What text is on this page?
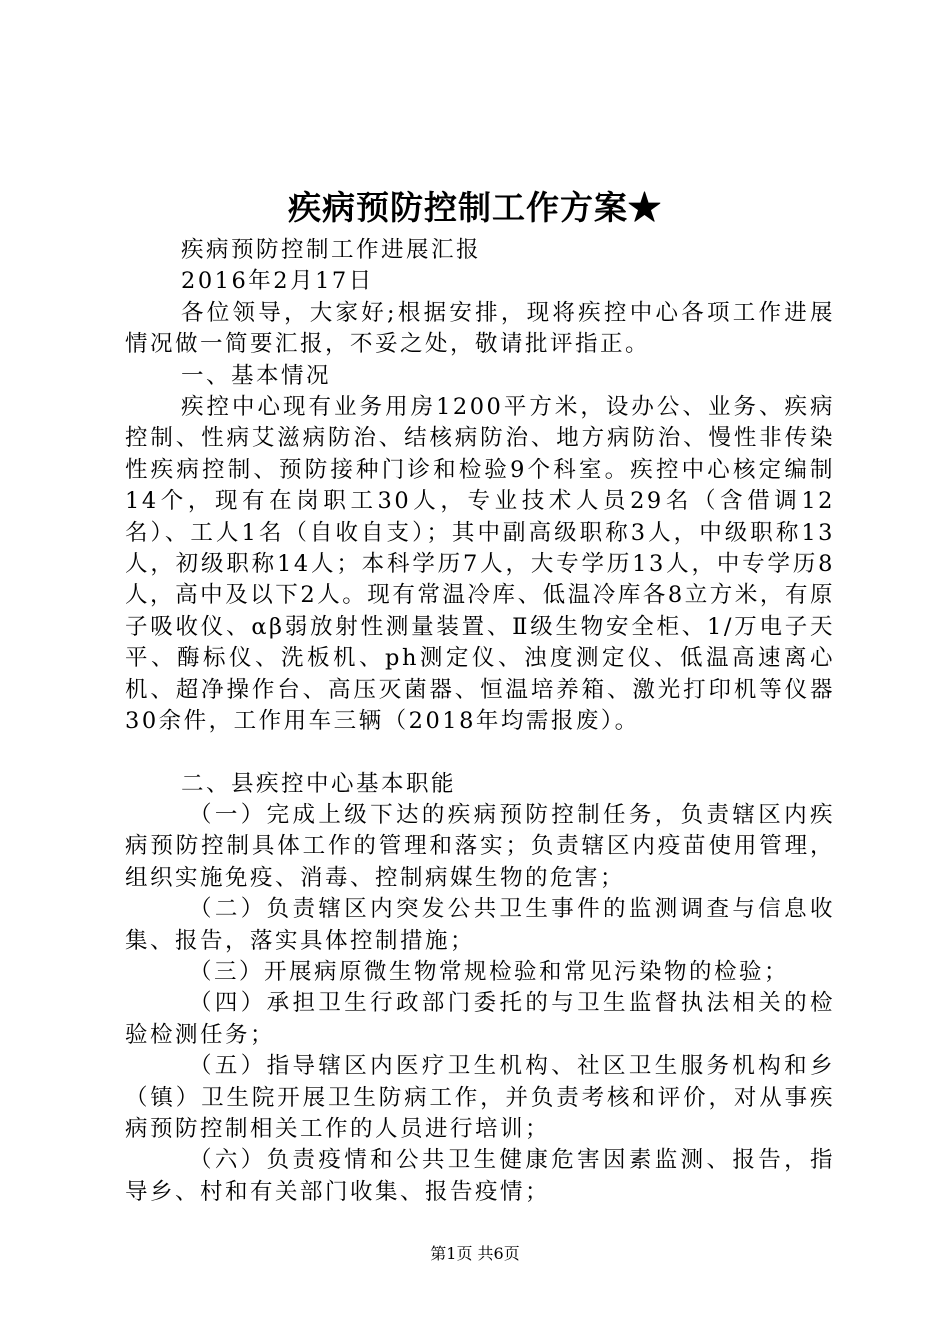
疾病预防控制工作方案★

疾病预防控制工作进展汇报

2016年2月17日

各位领导，大家好;根据安排，现将疾控中心各项工作进展情况做一简要汇报，不妥之处，敬请批评指正。

一、基本情况

疾控中心现有业务用房1200平方米，设办公、业务、疾病控制、性病艾滋病防治、结核病防治、地方病防治、慢性非传染性疾病控制、预防接种门诊和检验9个科室。疾控中心核定编制14个，现有在岗职工30人，专业技术人员29名（含借调12名）、工人1名（自收自支）；其中副高级职称3人，中级职称13人，初级职称14人；本科学历7人，大专学历13人，中专学历8人，高中及以下2人。现有常温冷库、低温冷库各8立方米，有原子吸收仪、αβ弱放射性测量装置、Ⅱ级生物安全柜、1/万电子天平、酶标仪、洗板机、ph测定仪、浊度测定仪、低温高速离心机、超净操作台、高压灭菌器、恒温培养箱、激光打印机等仪器30余件，工作用车三辆（2018年均需报废）。

二、县疾控中心基本职能

（一）完成上级下达的疾病预防控制任务，负责辖区内疾病预防控制具体工作的管理和落实；负责辖区内疫苗使用管理，组织实施免疫、消毒、控制病媒生物的危害；

（二）负责辖区内突发公共卫生事件的监测调查与信息收集、报告，落实具体控制措施；

（三）开展病原微生物常规检验和常见污染物的检验；

（四）承担卫生行政部门委托的与卫生监督执法相关的检验检测任务；

（五）指导辖区内医疗卫生机构、社区卫生服务机构和乡（镇）卫生院开展卫生防病工作，并负责考核和评价，对从事疾病预防控制相关工作的人员进行培训；

（六）负责疫情和公共卫生健康危害因素监测、报告，指导乡、村和有关部门收集、报告疫情；

第1页 共6页
